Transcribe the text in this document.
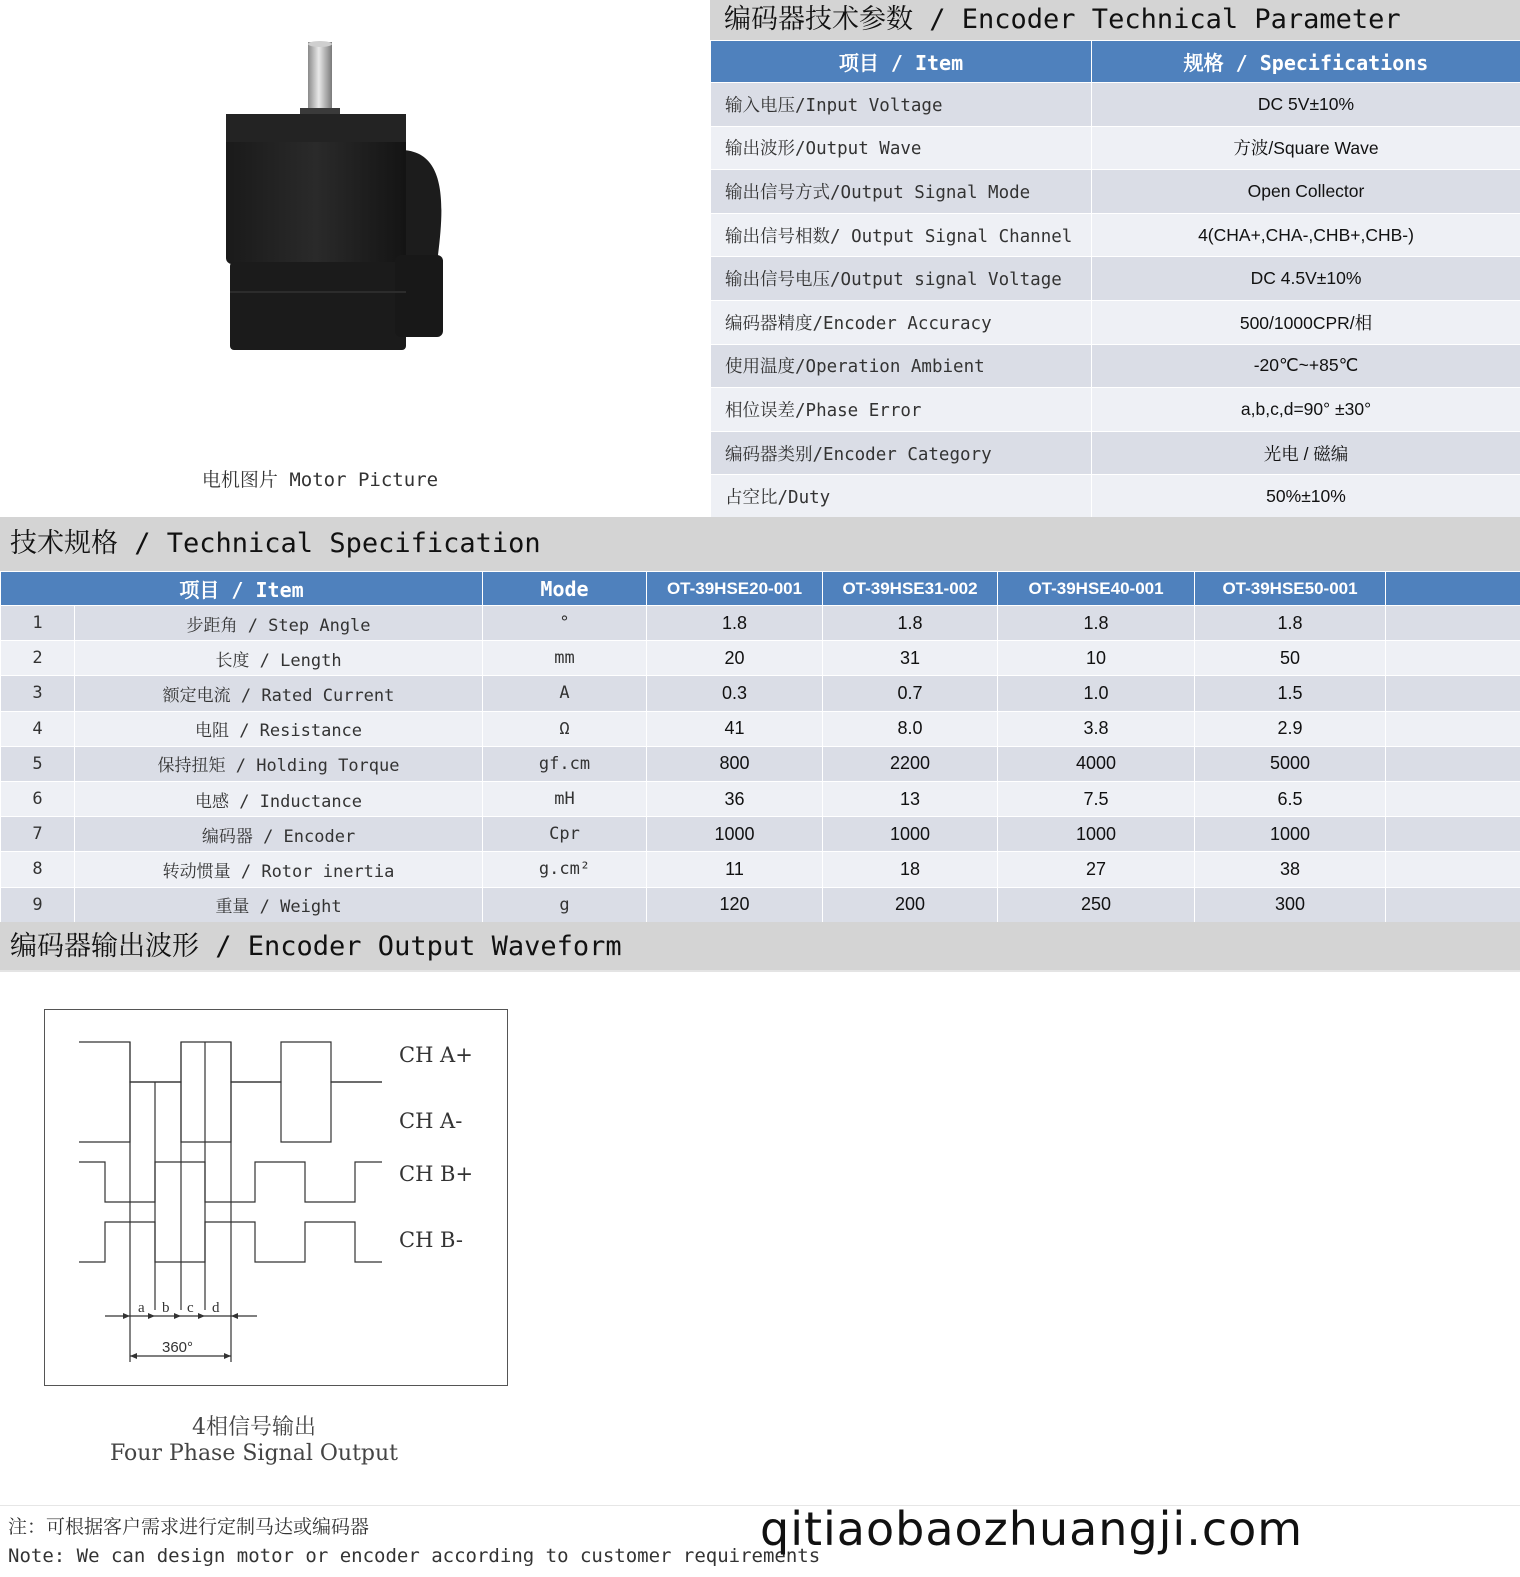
电机图片 Motor Picture
编码器技术参数 / Encoder Technical Parameter
项目 / Item	规格 / Specifications
输入电压/Input Voltage	DC 5V±10%
输出波形/Output Wave	方波/Square Wave
输出信号方式/Output Signal Mode	Open Collector
输出信号相数/ Output Signal Channel	4(CHA+,CHA-,CHB+,CHB-)
输出信号电压/Output signal Voltage	DC 4.5V±10%
编码器精度/Encoder Accuracy	500/1000CPR/相
使用温度/Operation Ambient	-20℃~+85℃
相位误差/Phase Error	a,b,c,d=90° ±30°
编码器类别/Encoder Category	光电 / 磁编
占空比/Duty	50%±10%
技术规格 / Technical Specification
项目 / Item		Mode	OT-39HSE20-001	OT-39HSE31-002	OT-39HSE40-001	OT-39HSE50-001	
1	步距角 / Step Angle	°	1.8	1.8	1.8	1.8	
2	长度 / Length	mm	20	31	10	50	
3	额定电流 / Rated Current	A	0.3	0.7	1.0	1.5	
4	电阻 / Resistance	Ω	41	8.0	3.8	2.9	
5	保持扭矩 / Holding Torque	gf.cm	800	2200	4000	5000	
6	电感 / Inductance	mH	36	13	7.5	6.5	
7	编码器 / Encoder	Cpr	1000	1000	1000	1000	
8	转动惯量 / Rotor inertia	g.cm²	11	18	27	38	
9	重量 / Weight	g	120	200	250	300	
编码器输出波形 / Encoder Output Waveform
a b c d
360°
CH A+
CH A-
CH B+
CH B-
4相信号输出
Four Phase Signal Output
注：可根据客户需求进行定制马达或编码器
Note: We can design motor or encoder according to customer requirements
qitiaobaozhuangji.com
